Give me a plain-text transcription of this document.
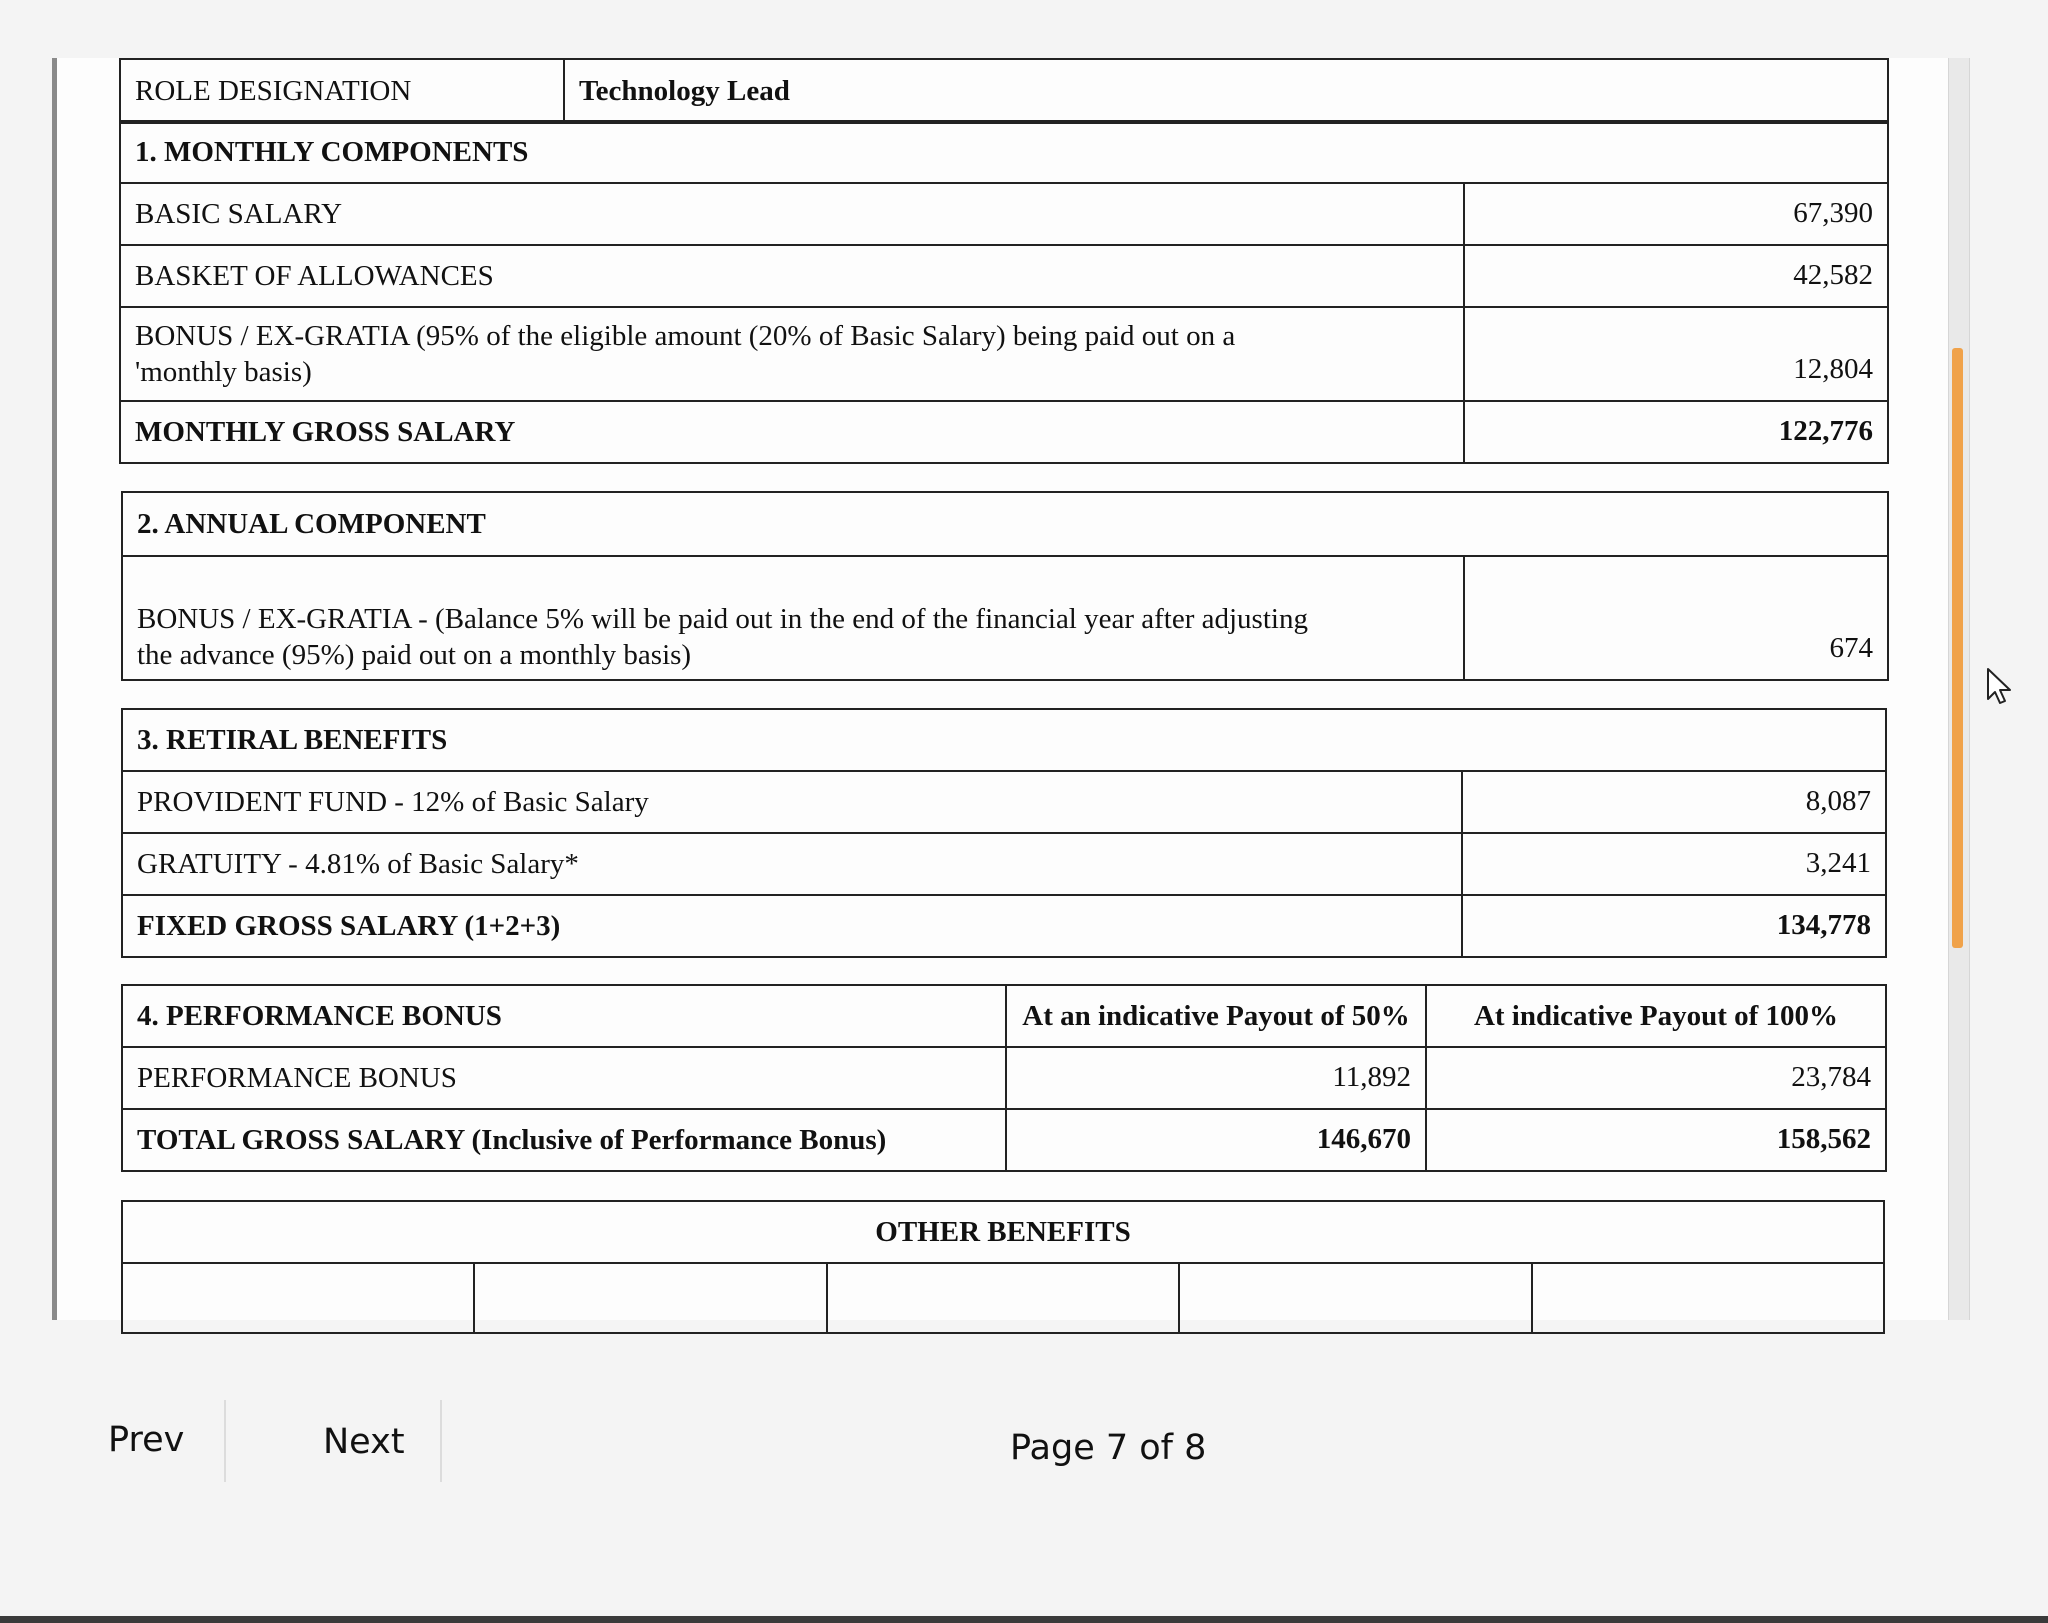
ROLE DESIGNATION	Technology Lead
1. MONTHLY COMPONENTS	
BASIC SALARY	67,390
BASKET OF ALLOWANCES	42,582
BONUS / EX-GRATIA (95% of the eligible amount (20% of Basic Salary) being paid out on a
'monthly basis)	12,804
MONTHLY GROSS SALARY	122,776
2. ANNUAL COMPONENT
BONUS / EX-GRATIA - (Balance 5% will be paid out in the end of the financial year after adjusting
the advance (95%) paid out on a monthly basis)	674
3. RETIRAL BENEFITS	
PROVIDENT FUND - 12% of Basic Salary	8,087
GRATUITY - 4.81% of Basic Salary*	3,241
FIXED GROSS SALARY (1+2+3)	134,778
4. PERFORMANCE BONUS	At an indicative Payout of 50%	At indicative Payout of 100%
PERFORMANCE BONUS	11,892	23,784
TOTAL GROSS SALARY (Inclusive of Performance Bonus)	146,670	158,562
OTHER BENEFITS

Prev	Next	Page 7 of 8
